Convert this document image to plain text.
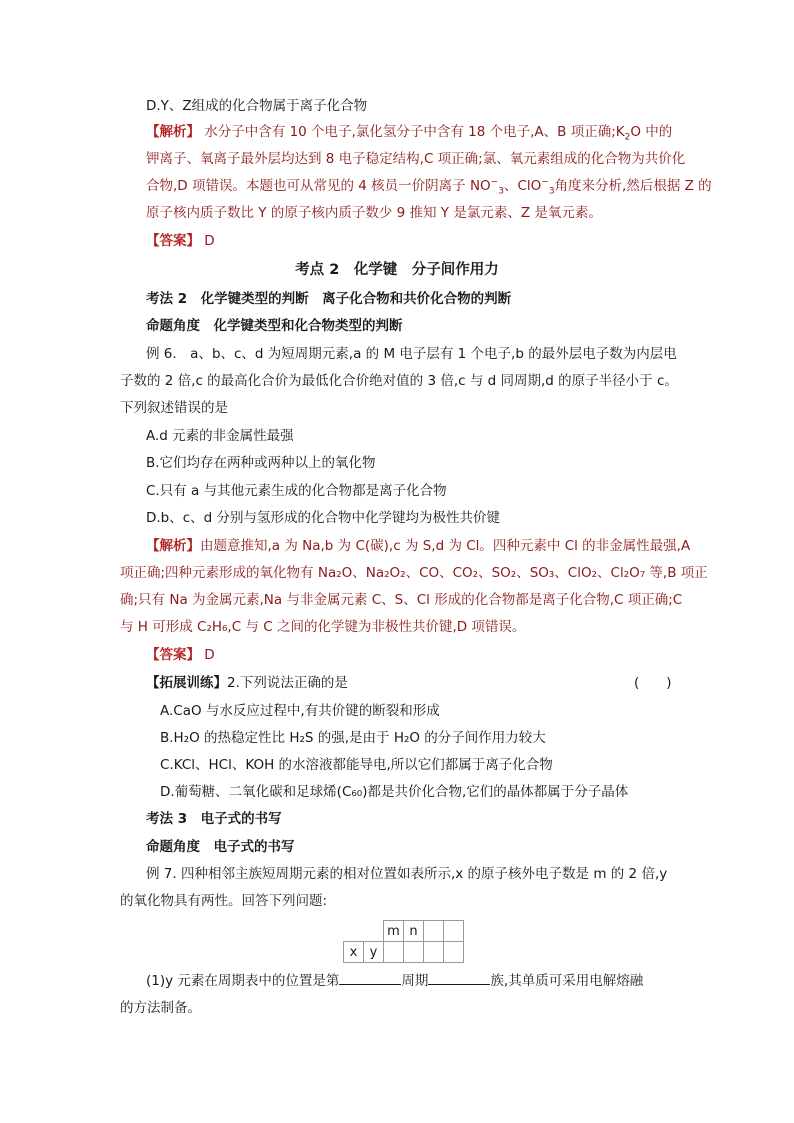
D.Y、Z组成的化合物属于离子化合物
【解析】 水分子中含有 10 个电子,氯化氢分子中含有 18 个电子,A、B 项正确$;K_2O$ 中的
钾离子、氧离子最外层均达到 8 电子稳定结构,C 项正确;氯、氧元素组成的化合物为共价化
合物,D 项错误。本题也可从常见的 4 核员一价阴离子 $NO^-_3$、ClO−$_3$角度来分析,然后根据 Z 的
原子核内质子数比 Y 的原子核内质子数少 9 推知 Y 是氯元素、Z 是氧元素。
【答案】 D
考点 2　化学键　分子间作用力
考法 2　化学键类型的判断　离子化合物和共价化合物的判断
命题角度　化学键类型和化合物类型的判断
例 6.　a、b、c、d 为短周期元素,a 的 M 电子层有 1 个电子,b 的最外层电子数为内层电
子数的 2 倍,c 的最高化合价为最低化合价绝对值的 3 倍,c 与 d 同周期,d 的原子半径小于 c。
下列叙述错误的是
A.d 元素的非金属性最强
B.它们均存在两种或两种以上的氧化物
C.只有 a 与其他元素生成的化合物都是离子化合物
D.b、c、d 分别与氢形成的化合物中化学键均为极性共价键
【解析】由题意推知,a 为 Na,b 为 C(碳),c 为 S,d 为 Cl。四种元素中 Cl 的非金属性最强,A
项正确;四种元素形成的氧化物有 Na₂O、Na₂O₂、CO、CO₂、SO₂、SO₃、ClO₂、Cl₂O₇ 等,B 项正
确;只有 Na 为金属元素,Na 与非金属元素 C、S、Cl 形成的化合物都是离子化合物,C 项正确;C
与 H 可形成 C₂H₆,C 与 C 之间的化学键为非极性共价键,D 项错误。
【答案】 D
【拓展训练】2.下列说法正确的是	(　　)
A.CaO 与水反应过程中,有共价键的断裂和形成
B.H₂O 的热稳定性比 H₂S 的强,是由于 H₂O 的分子间作用力较大
C.KCl、HCl、KOH 的水溶液都能导电,所以它们都属于离子化合物
D.葡萄糖、二氧化碳和足球烯(C₆₀)都是共价化合物,它们的晶体都属于分子晶体
考法 3　电子式的书写
命题角度　电子式的书写
例 7. 四种相邻主族短周期元素的相对位置如表所示,x 的原子核外电子数是 m 的 2 倍,y
的氧化物具有两性。回答下列问题:
		m	n		
x	y				
(1)y 元素在周期表中的位置是第	周期	族,其单质可采用电解熔融
的方法制备。
